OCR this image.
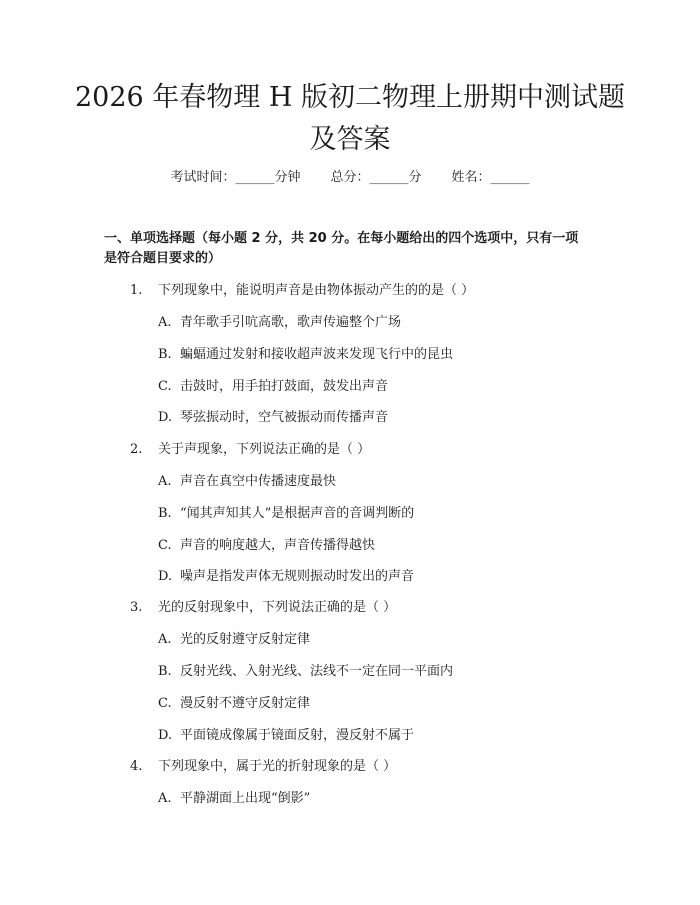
2026 年春物理 H 版初二物理上册期中测试题
及答案
考试时间：______分钟 总分：______分 姓名：______
一、单项选择题（每小题 2 分，共 20 分。在每小题给出的四个选项中，只有一项
是符合题目要求的）
1. 下列现象中，能说明声音是由物体振动产生的的是（ ）
A. 青年歌手引吭高歌，歌声传遍整个广场
B. 蝙蝠通过发射和接收超声波来发现飞行中的昆虫
C. 击鼓时，用手拍打鼓面，鼓发出声音
D. 琴弦振动时，空气被振动而传播声音
2. 关于声现象，下列说法正确的是（ ）
A. 声音在真空中传播速度最快
B. “闻其声知其人”是根据声音的音调判断的
C. 声音的响度越大，声音传播得越快
D. 噪声是指发声体无规则振动时发出的声音
3. 光的反射现象中，下列说法正确的是（ ）
A. 光的反射遵守反射定律
B. 反射光线、入射光线、法线不一定在同一平面内
C. 漫反射不遵守反射定律
D. 平面镜成像属于镜面反射，漫反射不属于
4. 下列现象中，属于光的折射现象的是（ ）
A. 平静湖面上出现“倒影”
